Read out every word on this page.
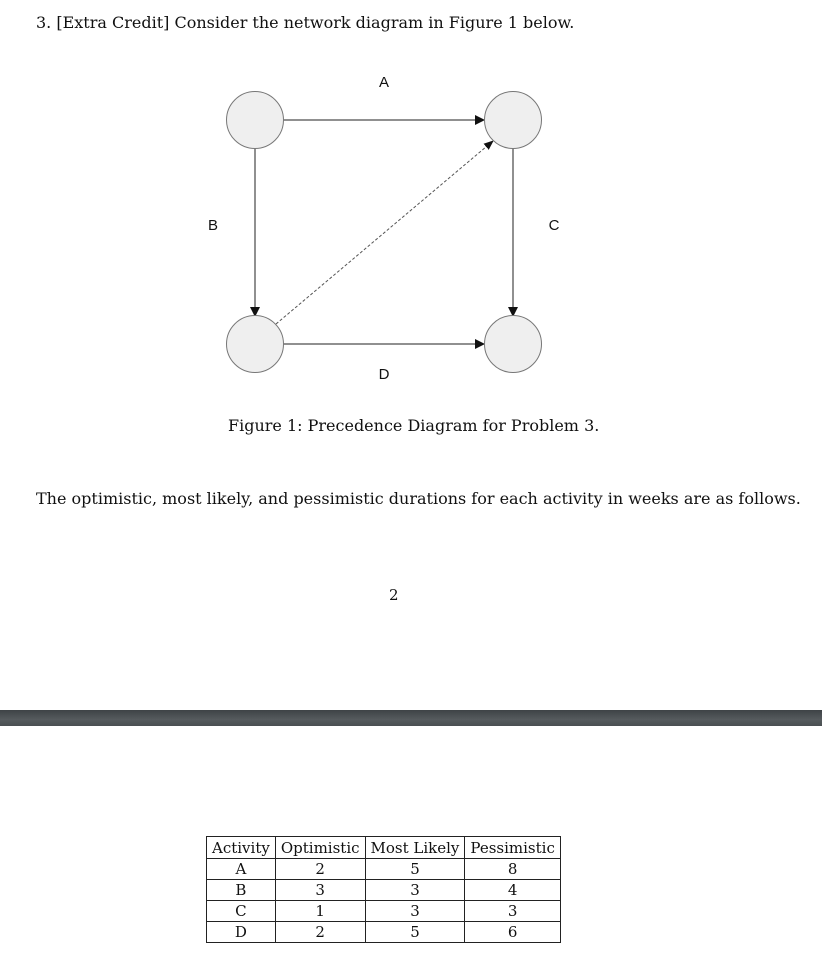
3. [Extra Credit] Consider the network diagram in Figure 1 below.
A
B	C
D
Figure 1: Precedence Diagram for Problem 3.
The optimistic, most likely, and pessimistic durations for each activity in weeks are as follows.
2
Activity	Optimistic	Most Likely	Pessimistic
A	2	5	8
B	3	3	4
C	1	3	3
D	2	5	6
